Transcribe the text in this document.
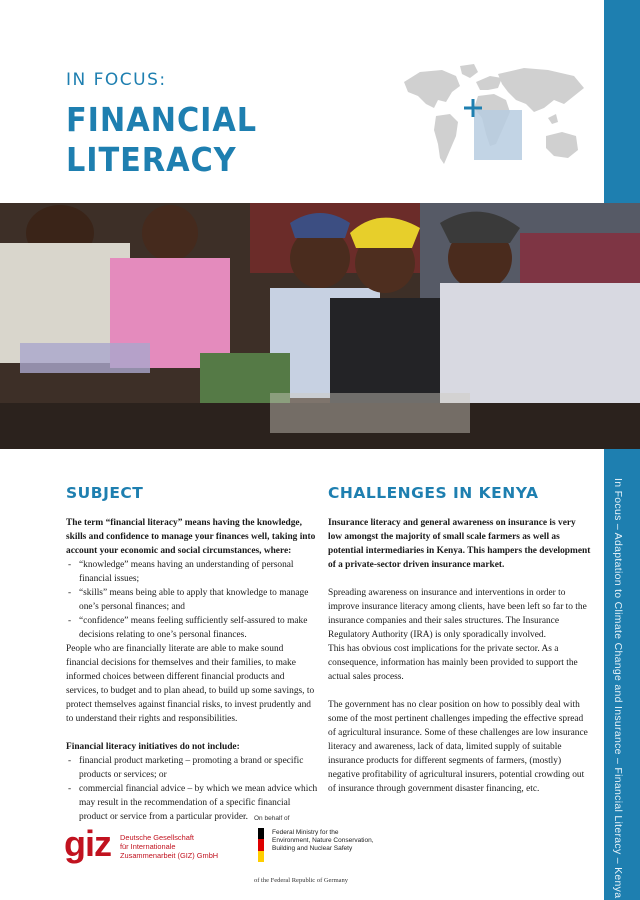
In Focus – Adaptation to Climate Change and Insurance – Financial Literacy – Kenya
IN FOCUS:
FINANCIAL
LITERACY
SUBJECT

The term “financial literacy” means having the knowledge, skills and confidence to manage your finances well, taking into account your economic and social circumstances, where:

- “knowledge” means having an understanding of personal financial issues;
- “skills” means being able to apply that knowledge to manage one’s personal finances; and
- “confidence” means feeling sufficiently self-assured to make decisions relating to one’s personal finances.

People who are financially literate are able to make sound financial decisions for themselves and their families, to make informed choices between different financial products and services, to budget and to plan ahead, to build up some savings, to protect themselves against financial risks, to invest prudently and to understand their rights and responsibilities.

Financial literacy initiatives do not include:

- financial product marketing – promoting a brand or specific products or services; or
- commercial financial advice – by which we mean advice which may result in the recommendation of a specific financial product or service from a particular provider.
CHALLENGES IN KENYA

Insurance literacy and general awareness on insurance is very low amongst the majority of small scale farmers as well as potential intermediaries in Kenya. This hampers the development of a private-sector driven insurance market.

Spreading awareness on insurance and interventions in order to improve insurance literacy among clients, have been left so far to the insurance companies and their sales structures. The Insurance Regulatory Authority (IRA) is only sporadically involved.

This has obvious cost implications for the private sector. As a consequence, information has mainly been provided to support the actual sales process.

The government has no clear position on how to possibly deal with some of the most pertinent challenges impeding the effective spread of agricultural insurance. Some of these challenges are low insurance literacy and awareness, lack of data, limited supply of suitable insurance products for different segments of farmers, (mostly) negative profitability of agricultural insurers, potential crowding out of insurance through government disaster financing, etc.

giz Deutsche Gesellschaft
für Internationale
Zusammenarbeit (GIZ) GmbH
On behalf of
Federal Ministry for the
Environment, Nature Conservation,
Building and Nuclear Safety
of the Federal Republic of Germany
